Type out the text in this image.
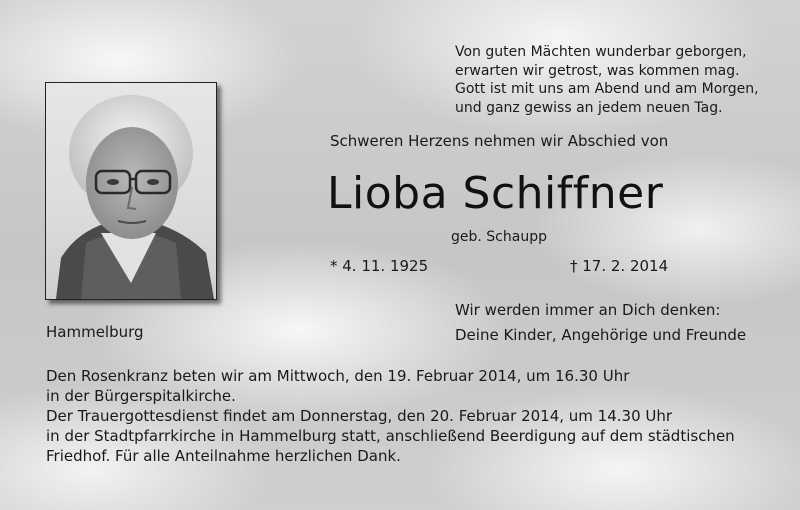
Von guten Mächten wunderbar geborgen,
erwarten wir getrost, was kommen mag.
Gott ist mit uns am Abend und am Morgen,
und ganz gewiss an jedem neuen Tag.

Schweren Herzens nehmen wir Abschied von

Lioba Schiffner

geb. Schaupp

* 4. 11. 1925	† 17. 2. 2014

Wir werden immer an Dich denken:
Deine Kinder, Angehörige und Freunde

Hammelburg

Den Rosenkranz beten wir am Mittwoch, den 19. Februar 2014, um 16.30 Uhr
in der Bürgerspitalkirche.
Der Trauergottesdienst findet am Donnerstag, den 20. Februar 2014, um 14.30 Uhr
in der Stadtpfarrkirche in Hammelburg statt, anschließend Beerdigung auf dem städtischen
Friedhof. Für alle Anteilnahme herzlichen Dank.
